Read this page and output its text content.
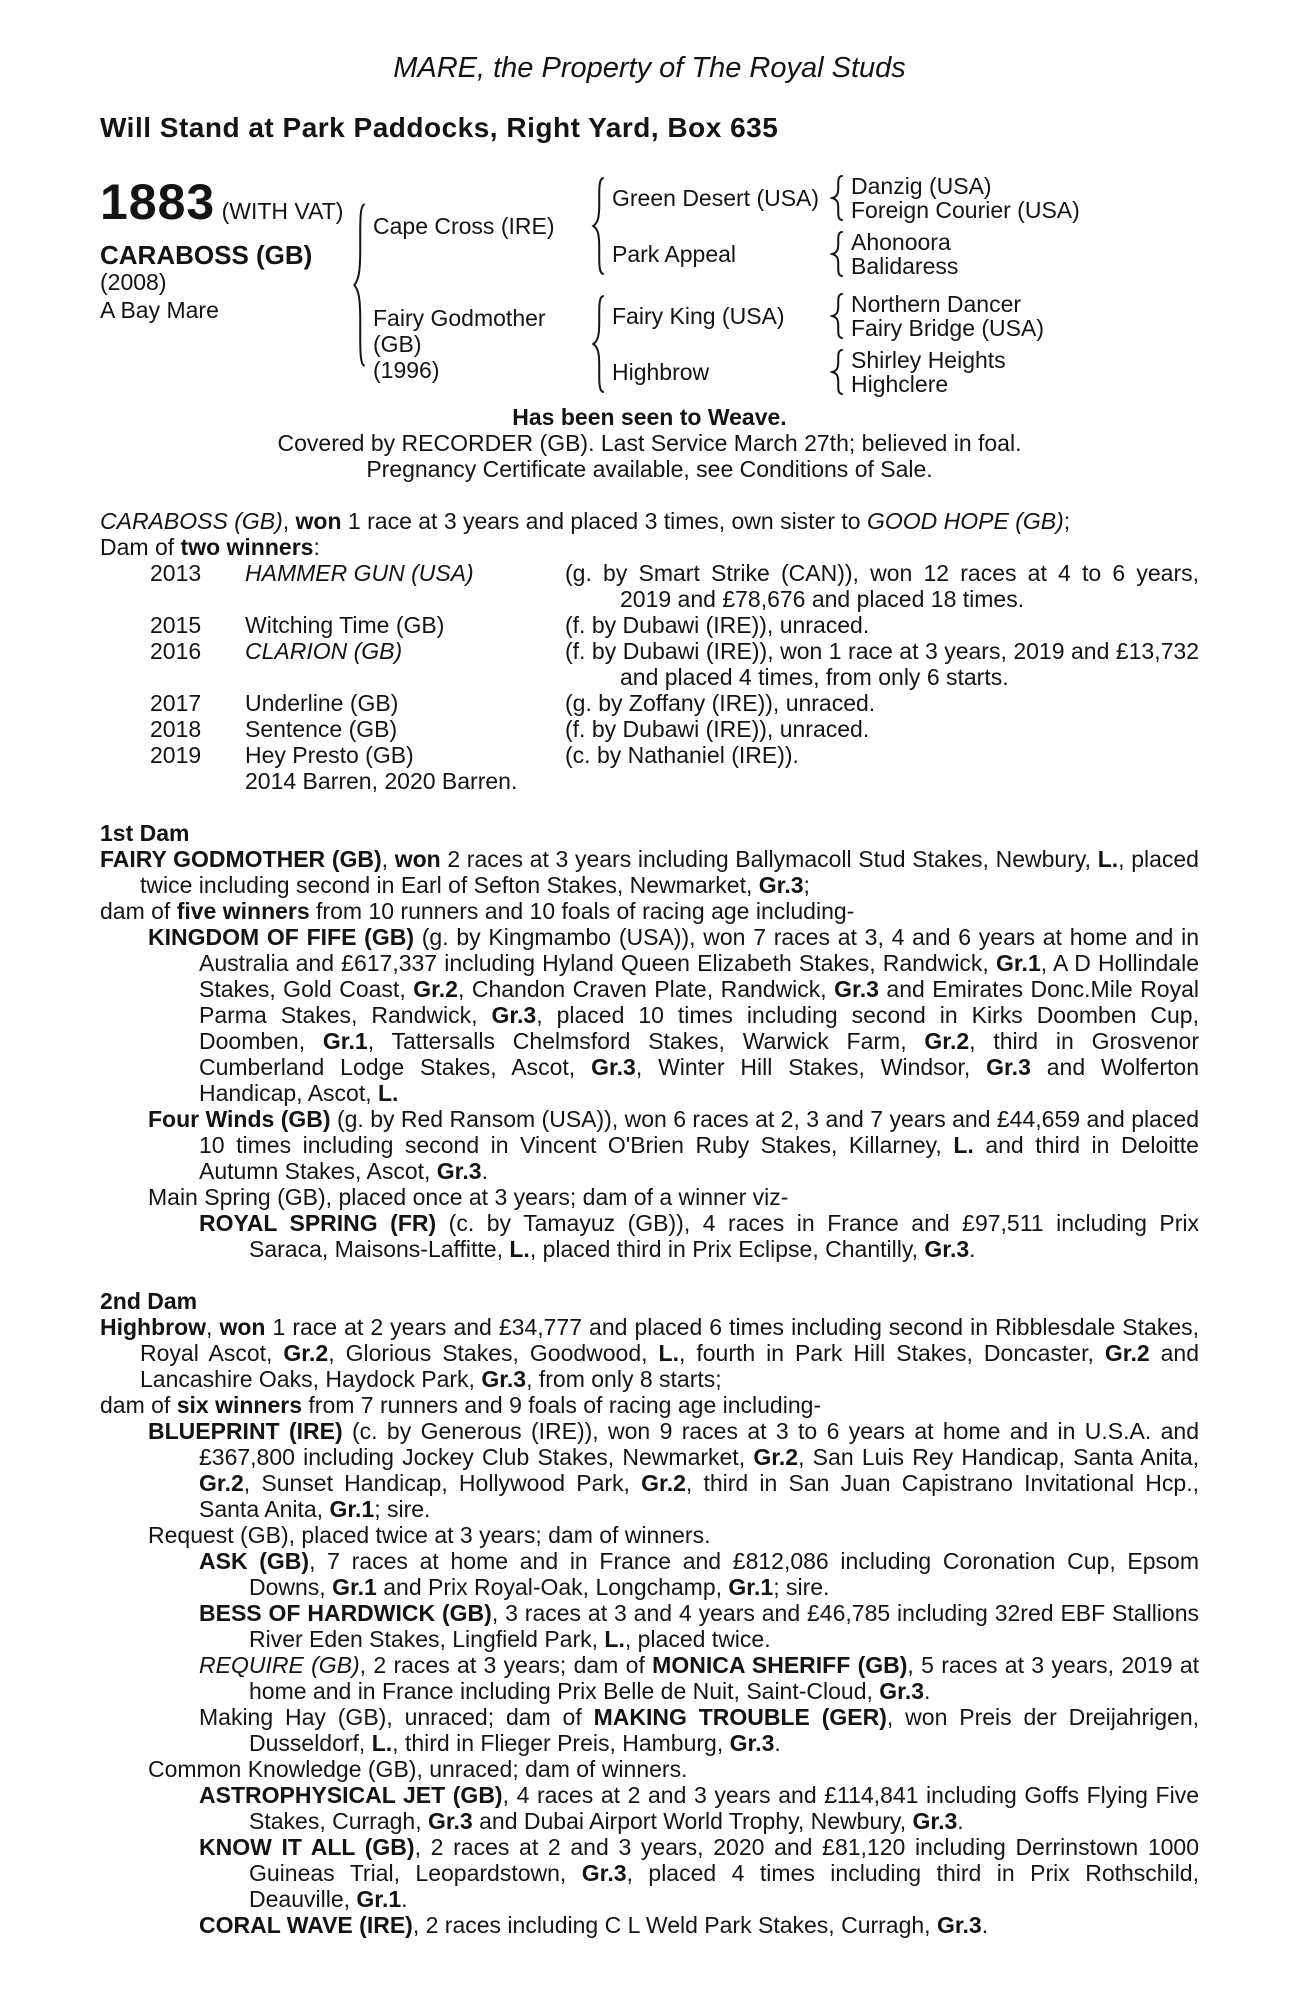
MARE, the Property of The Royal Studs
Will Stand at Park Paddocks, Right Yard, Box 635
1883 (WITH VAT)
CARABOSS (GB)
(2008)
A Bay Mare
Cape Cross (IRE)
Green Desert (USA)	Danzig (USA)
Foreign Courier (USA)
Park Appeal	Ahonoora
Balidaress
Fairy Godmother
(GB)
(1996)
Fairy King (USA)	Northern Dancer
Fairy Bridge (USA)
Highbrow	Shirley Heights
Highclere
Has been seen to Weave.
Covered by RECORDER (GB). Last Service March 27th; believed in foal.
Pregnancy Certificate available, see Conditions of Sale.
CARABOSS (GB), won 1 race at 3 years and placed 3 times, own sister to GOOD HOPE (GB);
Dam of two winners:
2013	HAMMER GUN (USA)	(g. by Smart Strike (CAN)), won 12 races at 4 to 6 years, 2019 and £78,676 and placed 18 times.
2015	Witching Time (GB)	(f. by Dubawi (IRE)), unraced.
2016	CLARION (GB)	(f. by Dubawi (IRE)), won 1 race at 3 years, 2019 and £13,732 and placed 4 times, from only 6 starts.
2017	Underline (GB)	(g. by Zoffany (IRE)), unraced.
2018	Sentence (GB)	(f. by Dubawi (IRE)), unraced.
2019	Hey Presto (GB)	(c. by Nathaniel (IRE)).
2014 Barren, 2020 Barren.
1st Dam
FAIRY GODMOTHER (GB), won 2 races at 3 years including Ballymacoll Stud Stakes, Newbury, L., placed twice including second in Earl of Sefton Stakes, Newmarket, Gr.3;
dam of five winners from 10 runners and 10 foals of racing age including-
KINGDOM OF FIFE (GB) (g. by Kingmambo (USA)), won 7 races at 3, 4 and 6 years at home and in Australia and £617,337 including Hyland Queen Elizabeth Stakes, Randwick, Gr.1, A D Hollindale Stakes, Gold Coast, Gr.2, Chandon Craven Plate, Randwick, Gr.3 and Emirates Donc.Mile Royal Parma Stakes, Randwick, Gr.3, placed 10 times including second in Kirks Doomben Cup, Doomben, Gr.1, Tattersalls Chelmsford Stakes, Warwick Farm, Gr.2, third in Grosvenor Cumberland Lodge Stakes, Ascot, Gr.3, Winter Hill Stakes, Windsor, Gr.3 and Wolferton Handicap, Ascot, L.
Four Winds (GB) (g. by Red Ransom (USA)), won 6 races at 2, 3 and 7 years and £44,659 and placed 10 times including second in Vincent O'Brien Ruby Stakes, Killarney, L. and third in Deloitte Autumn Stakes, Ascot, Gr.3.
Main Spring (GB), placed once at 3 years; dam of a winner viz-
ROYAL SPRING (FR) (c. by Tamayuz (GB)), 4 races in France and £97,511 including Prix Saraca, Maisons-Laffitte, L., placed third in Prix Eclipse, Chantilly, Gr.3.
2nd Dam
Highbrow, won 1 race at 2 years and £34,777 and placed 6 times including second in Ribblesdale Stakes, Royal Ascot, Gr.2, Glorious Stakes, Goodwood, L., fourth in Park Hill Stakes, Doncaster, Gr.2 and Lancashire Oaks, Haydock Park, Gr.3, from only 8 starts;
dam of six winners from 7 runners and 9 foals of racing age including-
BLUEPRINT (IRE) (c. by Generous (IRE)), won 9 races at 3 to 6 years at home and in U.S.A. and £367,800 including Jockey Club Stakes, Newmarket, Gr.2, San Luis Rey Handicap, Santa Anita, Gr.2, Sunset Handicap, Hollywood Park, Gr.2, third in San Juan Capistrano Invitational Hcp., Santa Anita, Gr.1; sire.
Request (GB), placed twice at 3 years; dam of winners.
ASK (GB), 7 races at home and in France and £812,086 including Coronation Cup, Epsom Downs, Gr.1 and Prix Royal-Oak, Longchamp, Gr.1; sire.
BESS OF HARDWICK (GB), 3 races at 3 and 4 years and £46,785 including 32red EBF Stallions River Eden Stakes, Lingfield Park, L., placed twice.
REQUIRE (GB), 2 races at 3 years; dam of MONICA SHERIFF (GB), 5 races at 3 years, 2019 at home and in France including Prix Belle de Nuit, Saint-Cloud, Gr.3.
Making Hay (GB), unraced; dam of MAKING TROUBLE (GER), won Preis der Dreijahrigen, Dusseldorf, L., third in Flieger Preis, Hamburg, Gr.3.
Common Knowledge (GB), unraced; dam of winners.
ASTROPHYSICAL JET (GB), 4 races at 2 and 3 years and £114,841 including Goffs Flying Five Stakes, Curragh, Gr.3 and Dubai Airport World Trophy, Newbury, Gr.3.
KNOW IT ALL (GB), 2 races at 2 and 3 years, 2020 and £81,120 including Derrinstown 1000 Guineas Trial, Leopardstown, Gr.3, placed 4 times including third in Prix Rothschild, Deauville, Gr.1.
CORAL WAVE (IRE), 2 races including C L Weld Park Stakes, Curragh, Gr.3.
